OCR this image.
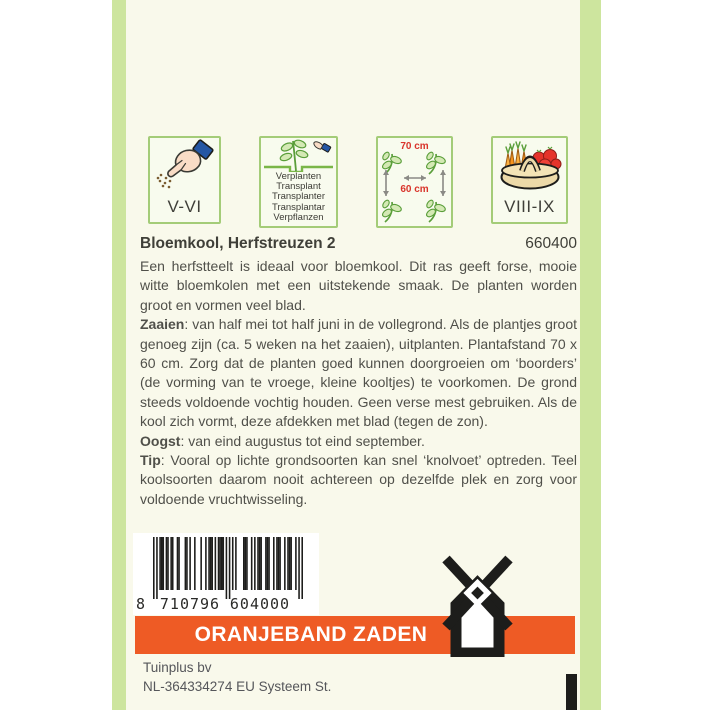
V-VI
Verplanten
Transplant
Transplanter
Transplantar
Verpflanzen
70 cm
60 cm
VIII-IX
Bloemkool, Herfstreuzen 2	660400

Een herfstteelt is ideaal voor bloemkool. Dit ras geeft forse, mooie witte bloemkolen met een uitstekende smaak. De planten worden groot en vormen veel blad.

Zaaien: van half mei tot half juni in de vollegrond. Als de plantjes groot genoeg zijn (ca. 5 weken na het zaaien), uitplanten. Plantafstand 70 x 60 cm. Zorg dat de planten goed kunnen doorgroeien om ‘boorders’ (de vorming van te vroege, kleine kooltjes) te voorkomen. De grond steeds voldoende vochtig houden. Geen verse mest gebruiken. Als de kool zich vormt, deze afdekken met blad (tegen de zon).

Oogst: van eind augustus tot eind september.

Tip: Vooral op lichte grondsoorten kan snel ‘knolvoet’ optreden. Teel koolsoorten daarom nooit achtereen op dezelfde plek en zorg voor voldoende vruchtwisseling.

8 710796 604000
ORANJEBAND ZADEN
Tuinplus bv
NL-364334274 EU Systeem St.
